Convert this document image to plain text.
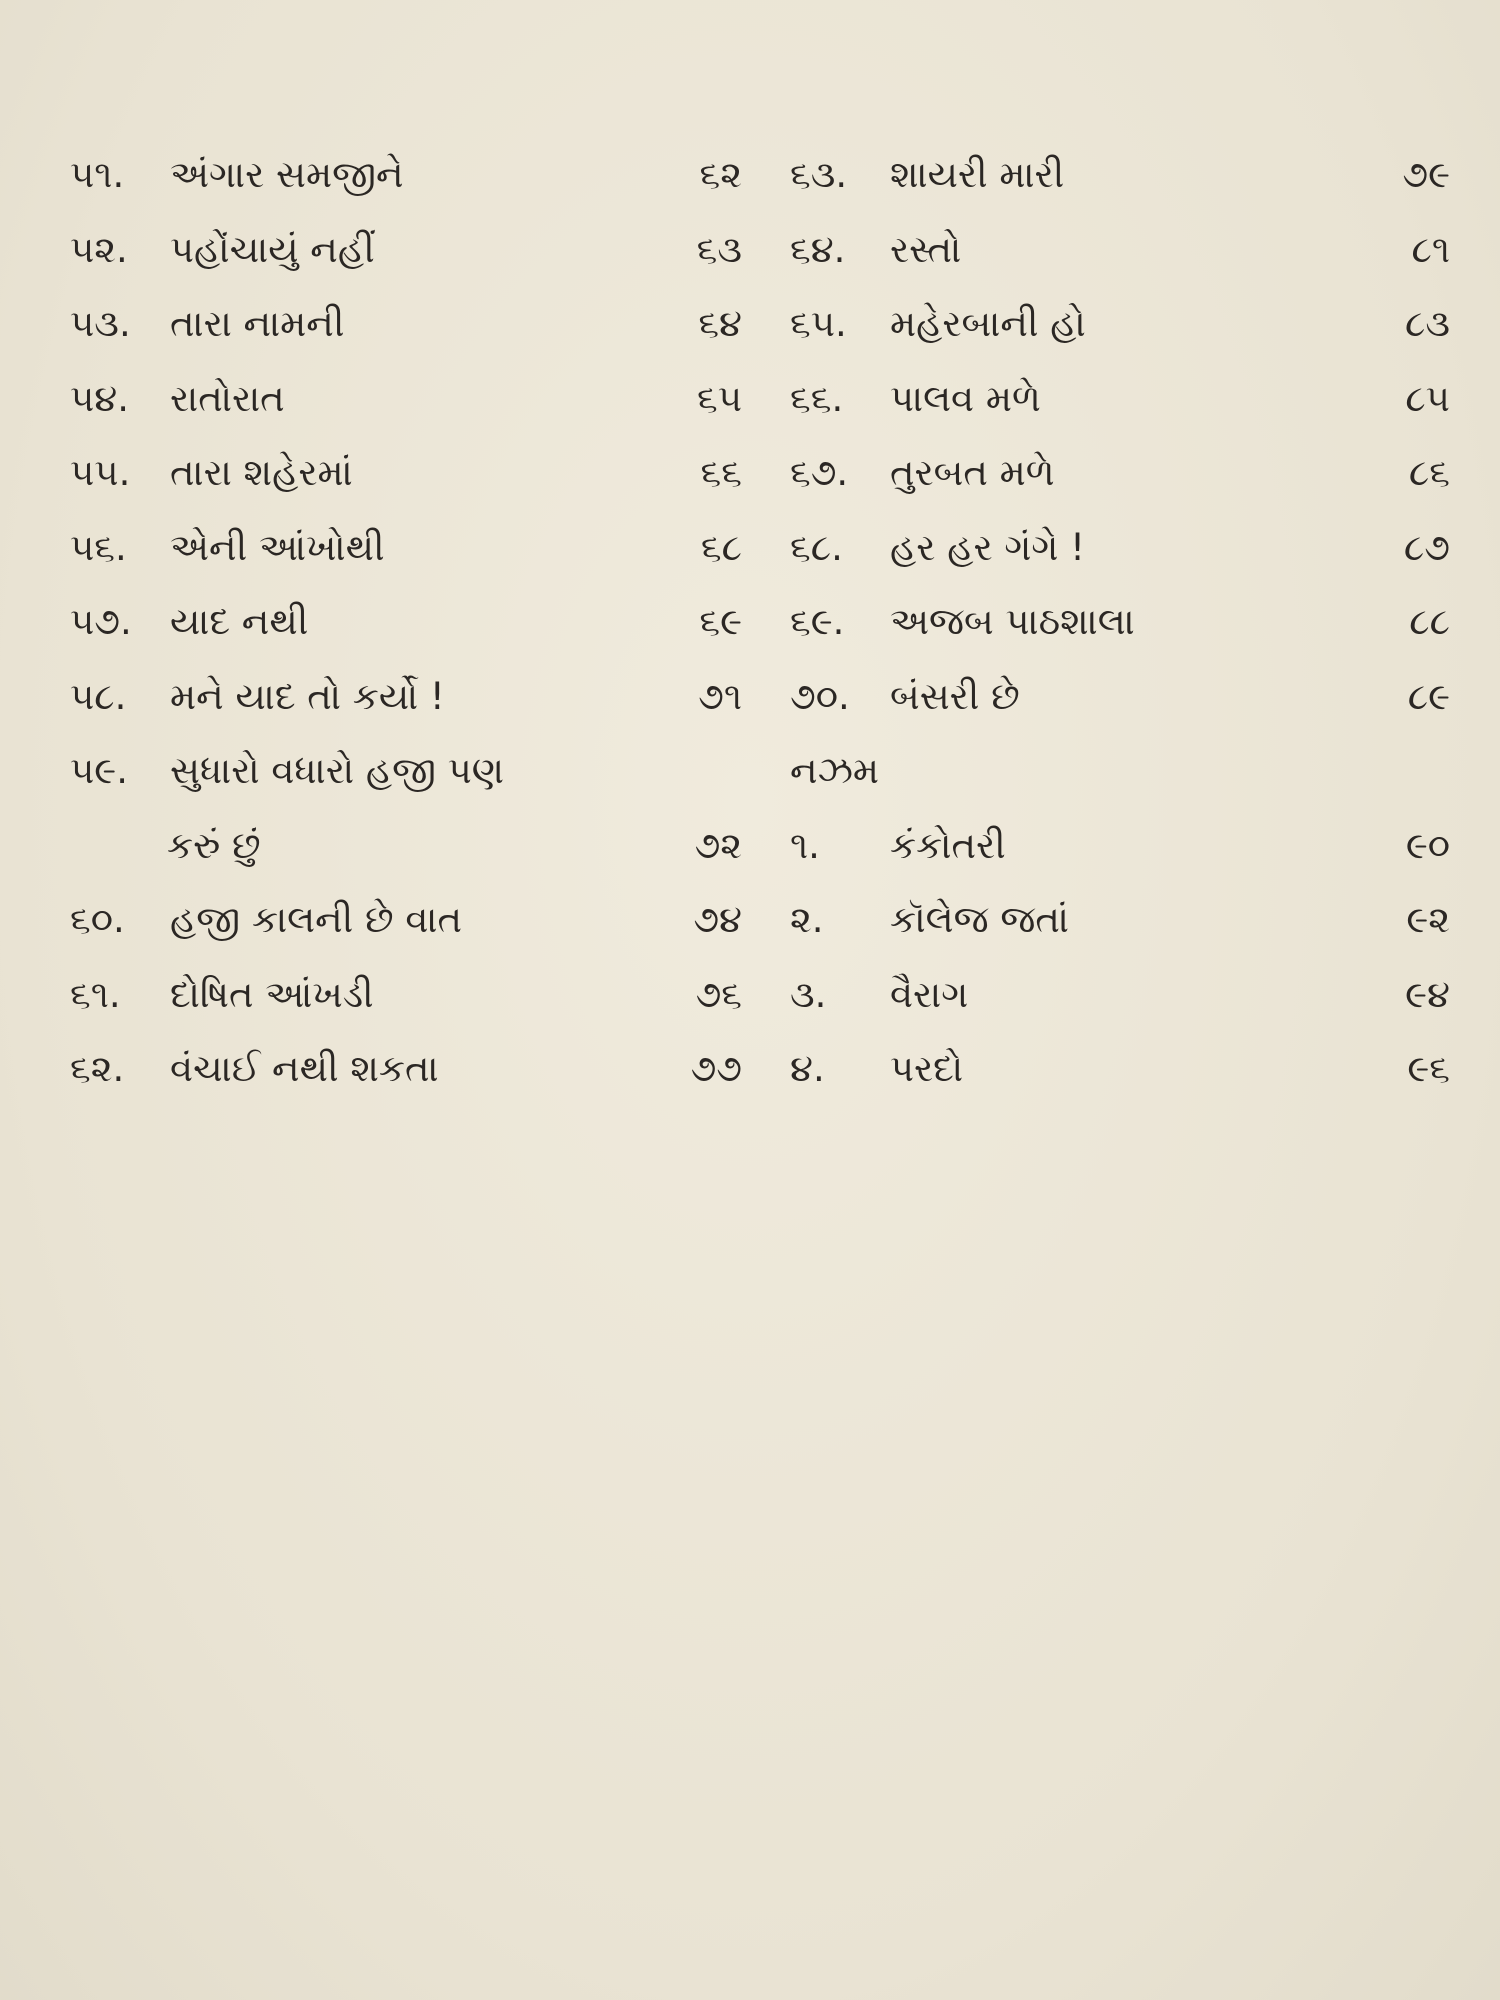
૫૧. અંગાર સમજીને	૬૨
૫૨. પહોંચાયું નહીં	૬૩
૫૩. તારા નામની	૬૪
૫૪. રાતોરાત	૬૫
૫૫. તારા શહેરમાં	૬૬
૫૬. એની આંખોથી	૬૮
૫૭. યાદ નથી	૬૯
૫૮. મને યાદ તો કર્યો !	૭૧
૫૯. સુધારો વધારો હજી પણ
કરું છું	૭૨
૬૦. હજી કાલની છે વાત	૭૪
૬૧. દોષિત આંખડી	૭૬
૬૨. વંચાઈ નથી શકતા	૭૭
૬૩. શાયરી મારી	૭૯
૬૪. રસ્તો	૮૧
૬૫. મહેરબાની હો	૮૩
૬૬. પાલવ મળે	૮૫
૬૭. તુરબત મળે	૮૬
૬૮. હર હર ગંગે !	૮૭
૬૯. અજબ પાઠશાલા	૮૮
૭૦. બંસરી છે	૮૯
નઝમ
૧. કંકોતરી	૯૦
૨. કૉલેજ જતાં	૯૨
૩. વૈરાગ	૯૪
૪. પરદો	૯૬
